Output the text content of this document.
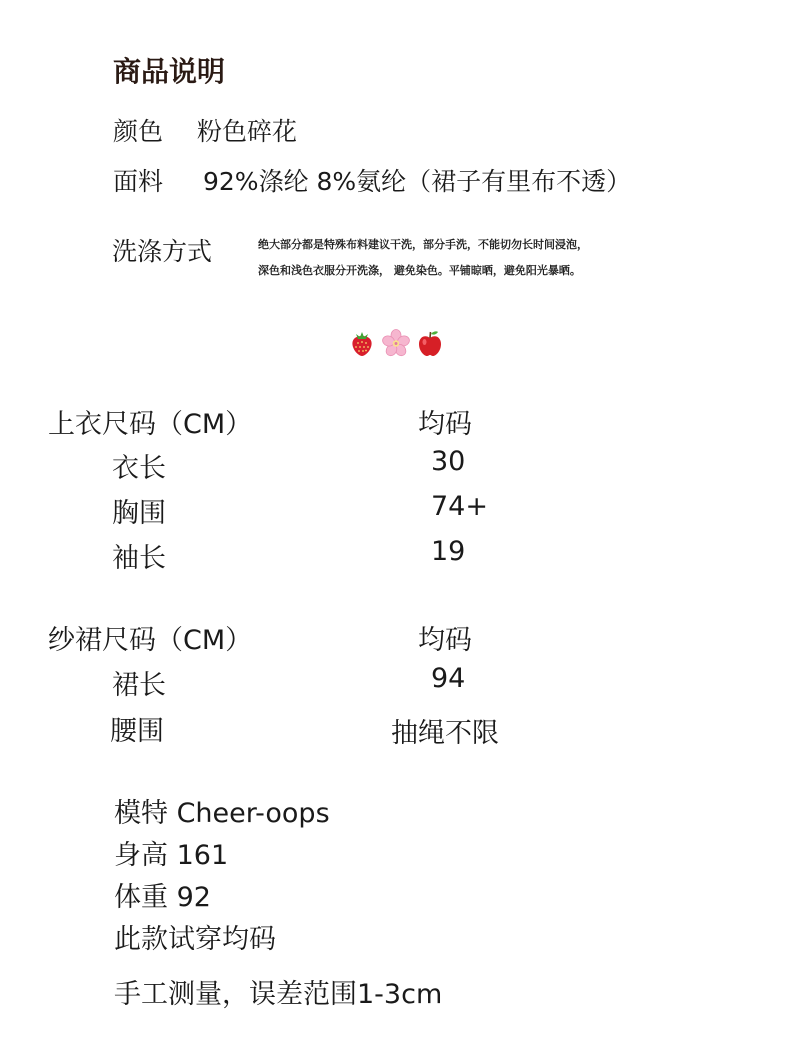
商品说明
颜色 粉色碎花
面料 92%涤纶 8%氨纶（裙子有里布不透）
洗涤方式	绝大部分都是特殊布料建议干洗，部分手洗，不能切勿长时间浸泡，
深色和浅色衣服分开洗涤， 避免染色。平铺晾晒，避免阳光暴晒。
上衣尺码（CM）	均码
衣长	30
胸围	74+
袖长	19
纱裙尺码（CM）	均码
裙长	94
腰围	抽绳不限
模特 Cheer-oops
身高 161
体重 92
此款试穿均码
手工测量，误差范围1-3cm
